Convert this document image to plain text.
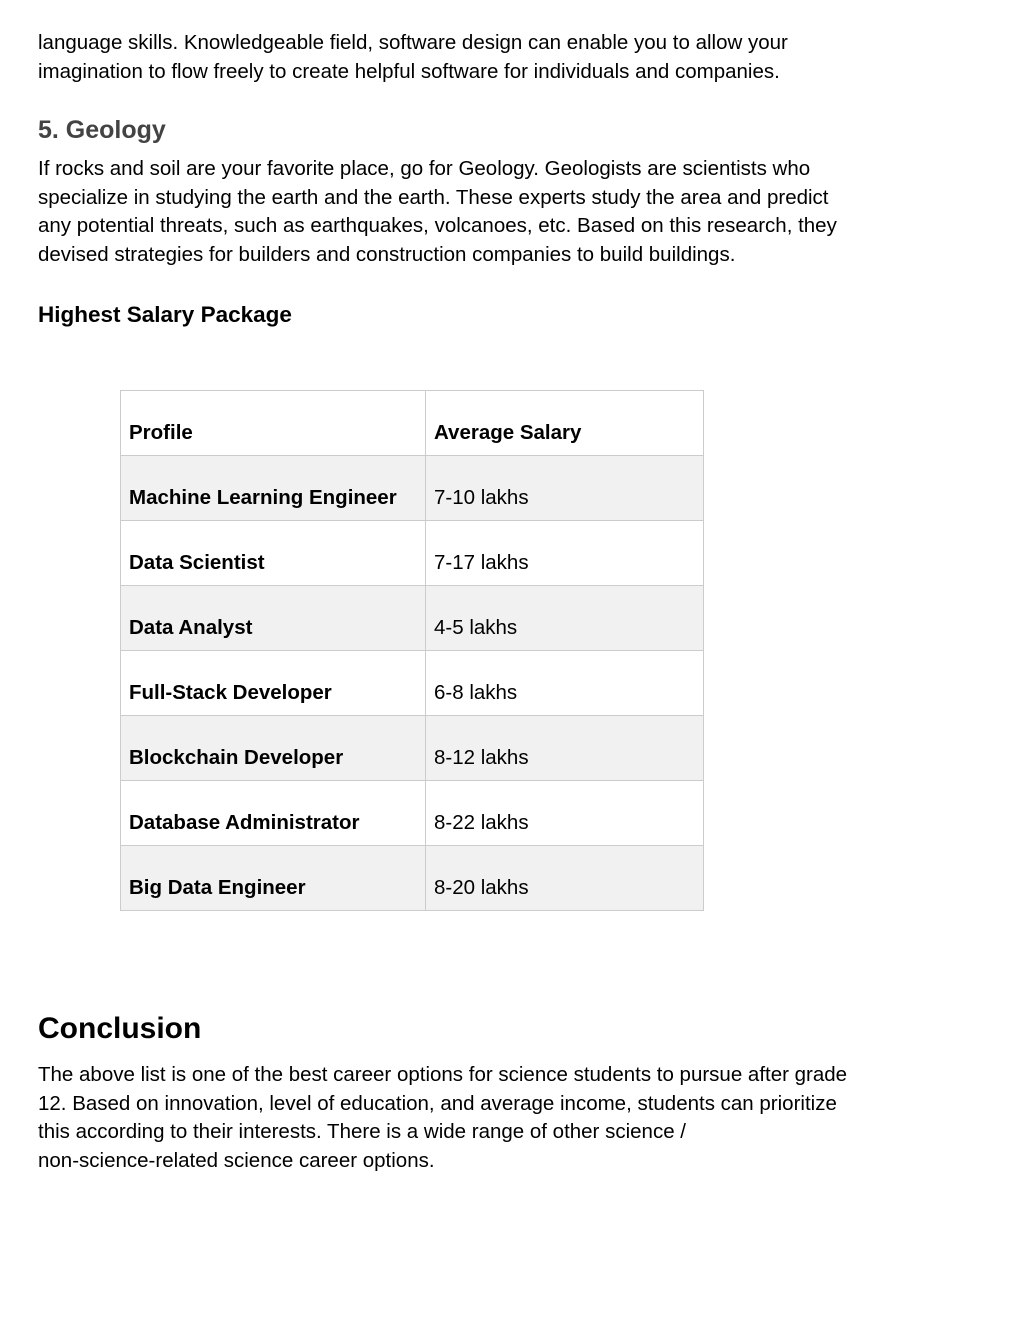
language skills. Knowledgeable field, software design can enable you to allow your
imagination to flow freely to create helpful software for individuals and companies.

5. Geology

If rocks and soil are your favorite place, go for Geology. Geologists are scientists who
specialize in studying the earth and the earth. These experts study the area and predict
any potential threats, such as earthquakes, volcanoes, etc. Based on this research, they
devised strategies for builders and construction companies to build buildings.

Highest Salary Package
Profile	Average Salary
Machine Learning Engineer	7-10 lakhs
Data Scientist	7-17 lakhs
Data Analyst	4-5 lakhs
Full-Stack Developer	6-8 lakhs
Blockchain Developer	8-12 lakhs
Database Administrator	8-22 lakhs
Big Data Engineer	8-20 lakhs
Conclusion

The above list is one of the best career options for science students to pursue after grade
12. Based on innovation, level of education, and average income, students can prioritize
this according to their interests. There is a wide range of other science /
non-science-related science career options.
